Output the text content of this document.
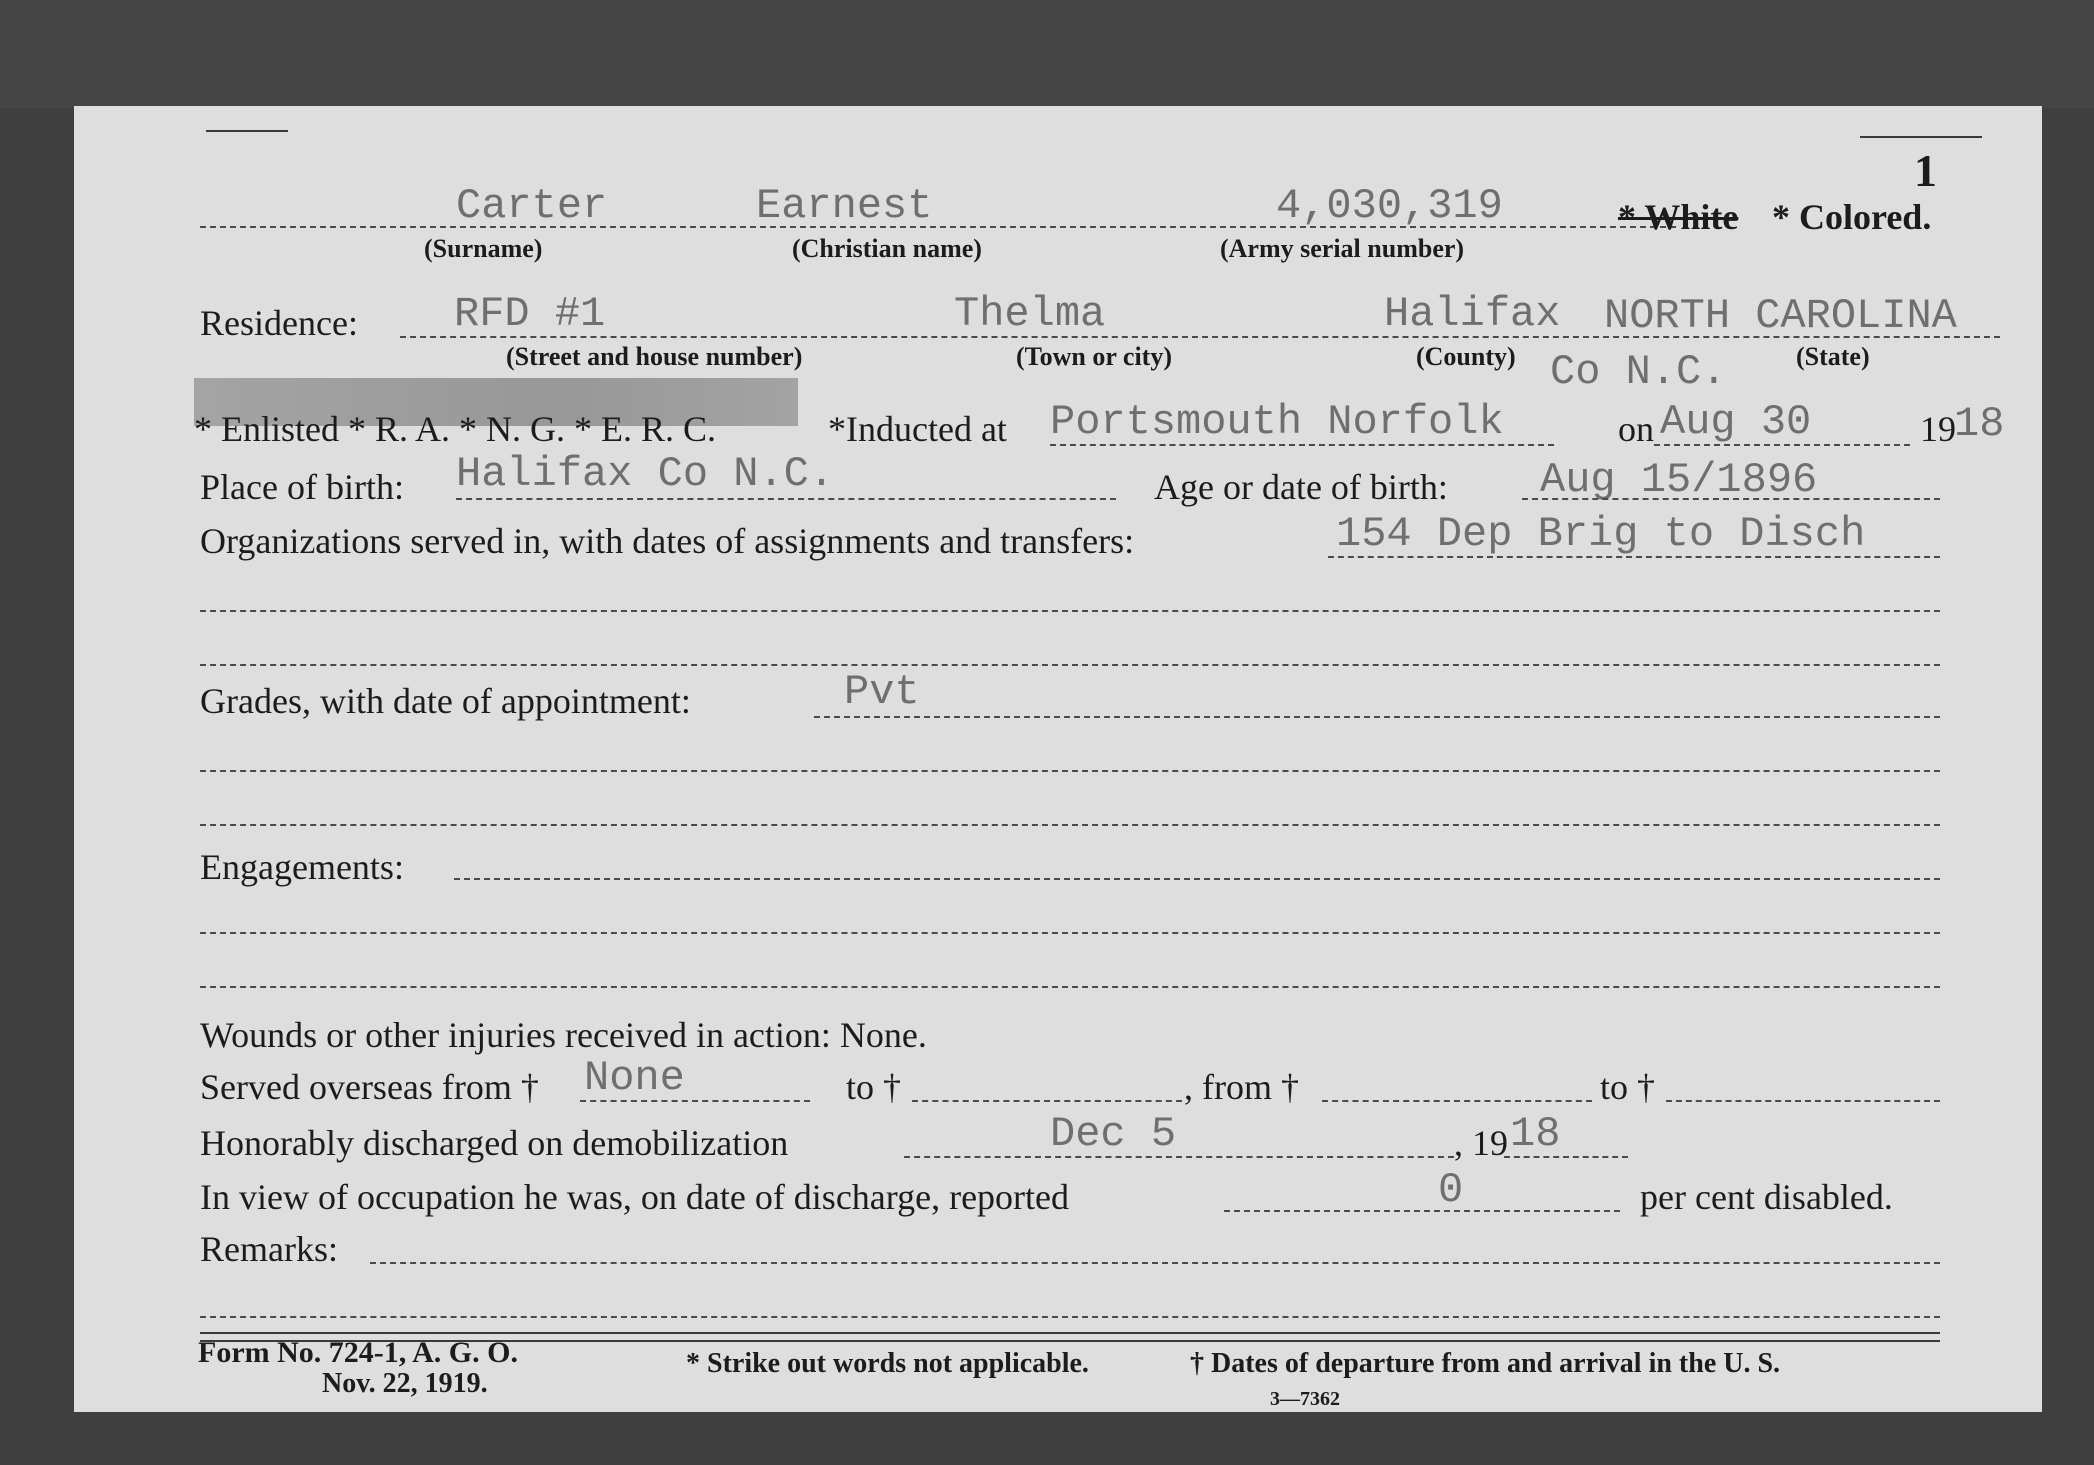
1
Carter	Earnest	4,030,319	* White * Colored.
(Surname)	(Christian name)	(Army serial number)
Residence: RFD #1	Thelma	Halifax NORTH CAROLINA
(Street and house number)	(Town or city)	(County)	(State)
Co N.C.
* Enlisted * R. A. * N. G. * E. R. C.	*Inducted at Portsmouth Norfolk	on Aug 30	19
18
Place of birth: Halifax Co N.C.	Age or date of birth: Aug 15/1896
Organizations served in, with dates of assignments and transfers:	154 Dep Brig to Disch
Grades, with date of appointment:	Pvt
Engagements:
Wounds or other injuries received in action: None.
Served overseas from † None	to †	, from †	to †
Honorably discharged on demobilization	Dec 5	, 19 18
In view of occupation he was, on date of discharge, reported	0	per cent disabled.
Remarks:
Form No. 724-1, A. G. O.
Nov. 22, 1919.
* Strike out words not applicable.	† Dates of departure from and arrival in the U. S.
3—7362
